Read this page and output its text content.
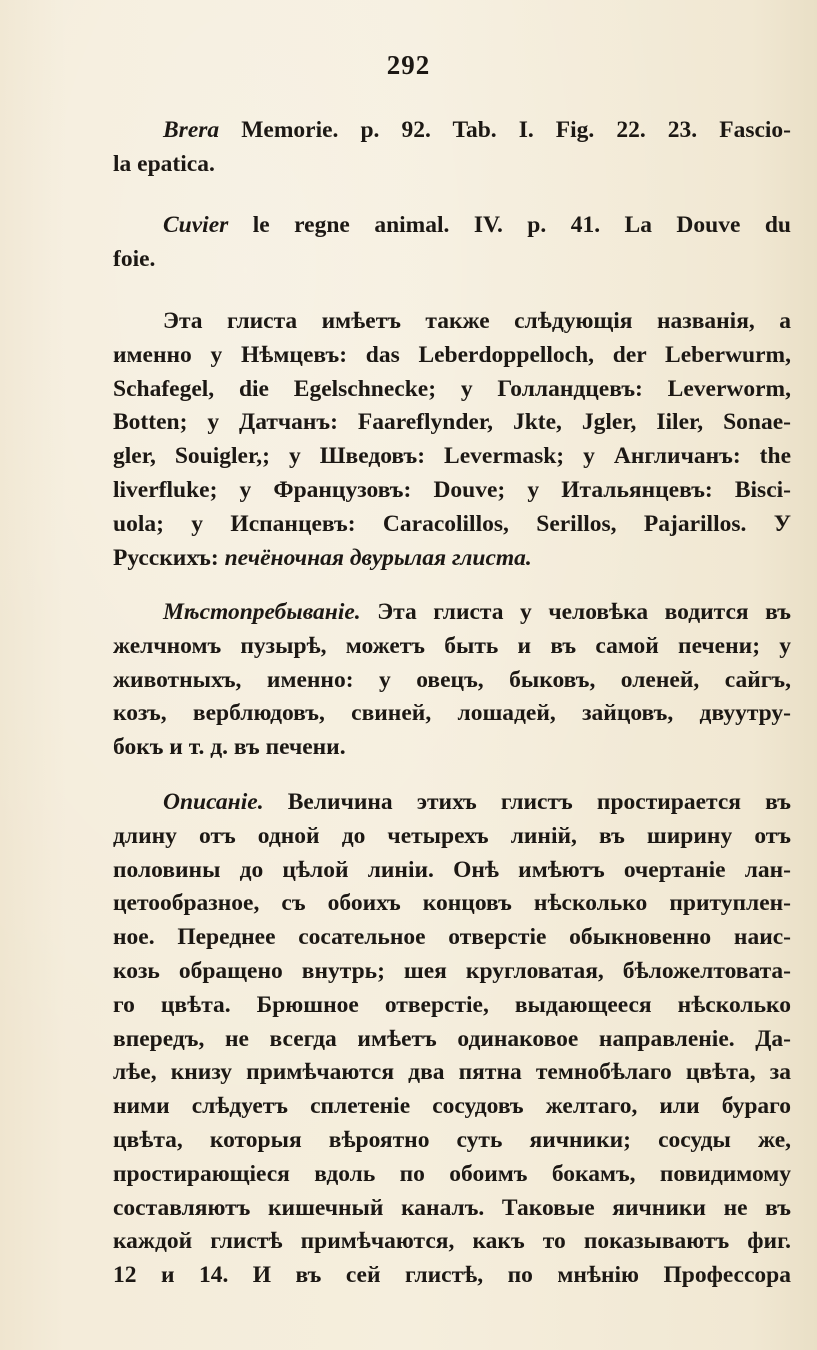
292

Brera Memorie. p. 92. Tab. I. Fig. 22. 23. Fascio-
la epatica.

Cuvier le regne animal. IV. p. 41. La Douve du
foie.

Эта глиста имѣетъ также слѣдующія названія, а
именно у Нѣмцевъ: das Leberdoppelloch, der Leberwurm,
Schafegel, die Egelschnecke; у Голландцевъ: Leverworm,
Botten; у Датчанъ: Faareflynder, Jkte, Jgler, Iiler, Sonae-
gler, Souigler,; у Шведовъ: Levermask; у Англичанъ: the
liverfluke; у Французовъ: Douve; у Итальянцевъ: Bisci-
uola; у Испанцевъ: Caracolillos, Serillos, Pajarillos. У
Русскихъ: печёночная двурылая глиста.

Мѣстопребываніе. Эта глиста у человѣка водится въ
желчномъ пузырѣ, можетъ быть и въ самой печени; у
животныхъ, именно: у овецъ, быковъ, оленей, сайгъ,
козъ, верблюдовъ, свиней, лошадей, зайцовъ, двуутру-
бокъ и т. д. въ печени.

Описаніе. Величина этихъ глистъ простирается въ
длину отъ одной до четырехъ линій, въ ширину отъ
половины до цѣлой линіи. Онѣ имѣютъ очертаніе лан-
цетообразное, съ обоихъ концовъ нѣсколько притуплен-
ное. Переднее сосательное отверстіе обыкновенно наис-
козь обращено внутрь; шея кругловатая, бѣложелтовата-
го цвѣта. Брюшное отверстіе, выдающееся нѣсколько
впередъ, не всегда имѣетъ одинаковое направленіе. Да-
лѣе, книзу примѣчаются два пятна темнобѣлаго цвѣта, за
ними слѣдуетъ сплетеніе сосудовъ желтаго, или бураго
цвѣта, которыя вѣроятно суть яичники; сосуды же,
простирающіеся вдоль по обоимъ бокамъ, повидимому
составляютъ кишечный каналъ. Таковые яичники не въ
каждой глистѣ примѣчаются, какъ то показываютъ фиг.
12 и 14. И въ сей глистѣ, по мнѣнію Профессора
